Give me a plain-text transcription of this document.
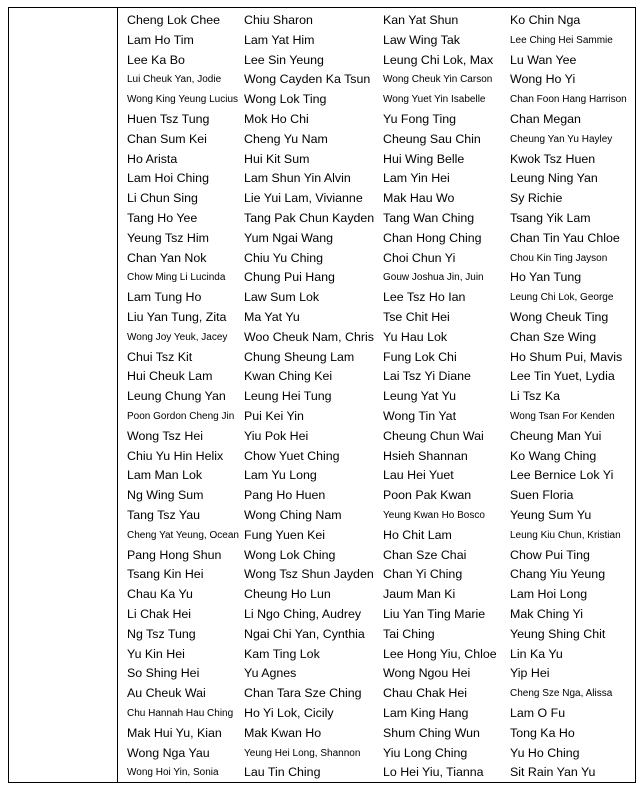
Cheng Lok Chee
Lam Ho Tim
Lee Ka Bo
Lui Cheuk Yan, Jodie
Wong King Yeung Lucius
Huen Tsz Tung
Chan Sum Kei
Ho Arista
Lam Hoi Ching
Li Chun Sing
Tang Ho Yee
Yeung Tsz Him
Chan Yan Nok
Chow Ming Li Lucinda
Lam Tung Ho
Liu Yan Tung, Zita
Wong Joy Yeuk, Jacey
Chui Tsz Kit
Hui Cheuk Lam
Leung Chung Yan
Poon Gordon Cheng Jin
Wong Tsz Hei
Chiu Yu Hin Helix
Lam Man Lok
Ng Wing Sum
Tang Tsz Yau
Cheng Yat Yeung, Ocean
Pang Hong Shun
Tsang Kin Hei
Chau Ka Yu
Li Chak Hei
Ng Tsz Tung
Yu Kin Hei
So Shing Hei
Au Cheuk Wai
Chu Hannah Hau Ching
Mak Hui Yu, Kian
Wong Nga Yau
Wong Hoi Yin, Sonia
Chiu Sharon
Lam Yat Him
Lee Sin Yeung
Wong Cayden Ka Tsun
Wong Lok Ting
Mok Ho Chi
Cheng Yu Nam
Hui Kit Sum
Lam Shun Yin Alvin
Lie Yui Lam, Vivianne
Tang Pak Chun Kayden
Yum Ngai Wang
Chiu Yu Ching
Chung Pui Hang
Law Sum Lok
Ma Yat Yu
Woo Cheuk Nam, Chris
Chung Sheung Lam
Kwan Ching Kei
Leung Hei Tung
Pui Kei Yin
Yiu Pok Hei
Chow Yuet Ching
Lam Yu Long
Pang Ho Huen
Wong Ching Nam
Fung Yuen Kei
Wong Lok Ching
Wong Tsz Shun Jayden
Cheung Ho Lun
Li Ngo Ching, Audrey
Ngai Chi Yan, Cynthia
Kam Ting Lok
Yu Agnes
Chan Tara Sze Ching
Ho Yi Lok, Cicily
Mak Kwan Ho
Yeung Hei Long, Shannon
Lau Tin Ching
Kan Yat Shun
Law Wing Tak
Leung Chi Lok, Max
Wong Cheuk Yin Carson
Wong Yuet Yin Isabelle
Yu Fong Ting
Cheung Sau Chin
Hui Wing Belle
Lam Yin Hei
Mak Hau Wo
Tang Wan Ching
Chan Hong Ching
Choi Chun Yi
Gouw Joshua Jin, Juin
Lee Tsz Ho Ian
Tse Chit Hei
Yu Hau Lok
Fung Lok Chi
Lai Tsz Yi Diane
Leung Yat Yu
Wong Tin Yat
Cheung Chun Wai
Hsieh Shannan
Lau Hei Yuet
Poon Pak Kwan
Yeung Kwan Ho Bosco
Ho Chit Lam
Chan Sze Chai
Chan Yi Ching
Jaum Man Ki
Liu Yan Ting Marie
Tai Ching
Lee Hong Yiu, Chloe
Wong Ngou Hei
Chau Chak Hei
Lam King Hang
Shum Ching Wun
Yiu Long Ching
Lo Hei Yiu, Tianna
Ko Chin Nga
Lee Ching Hei Sammie
Lu Wan Yee
Wong Ho Yi
Chan Foon Hang Harrison
Chan Megan
Cheung Yan Yu Hayley
Kwok Tsz Huen
Leung Ning Yan
Sy Richie
Tsang Yik Lam
Chan Tin Yau Chloe
Chou Kin Ting Jayson
Ho Yan Tung
Leung Chi Lok, George
Wong Cheuk Ting
Chan Sze Wing
Ho Shum Pui, Mavis
Lee Tin Yuet, Lydia
Li Tsz Ka
Wong Tsan For Kenden
Cheung Man Yui
Ko Wang Ching
Lee Bernice Lok Yi
Suen Floria
Yeung Sum Yu
Leung Kiu Chun, Kristian
Chow Pui Ting
Chang Yiu Yeung
Lam Hoi Long
Mak Ching Yi
Yeung Shing Chit
Lin Ka Yu
Yip Hei
Cheng Sze Nga, Alissa
Lam O Fu
Tong Ka Ho
Yu Ho Ching
Sit Rain Yan Yu
